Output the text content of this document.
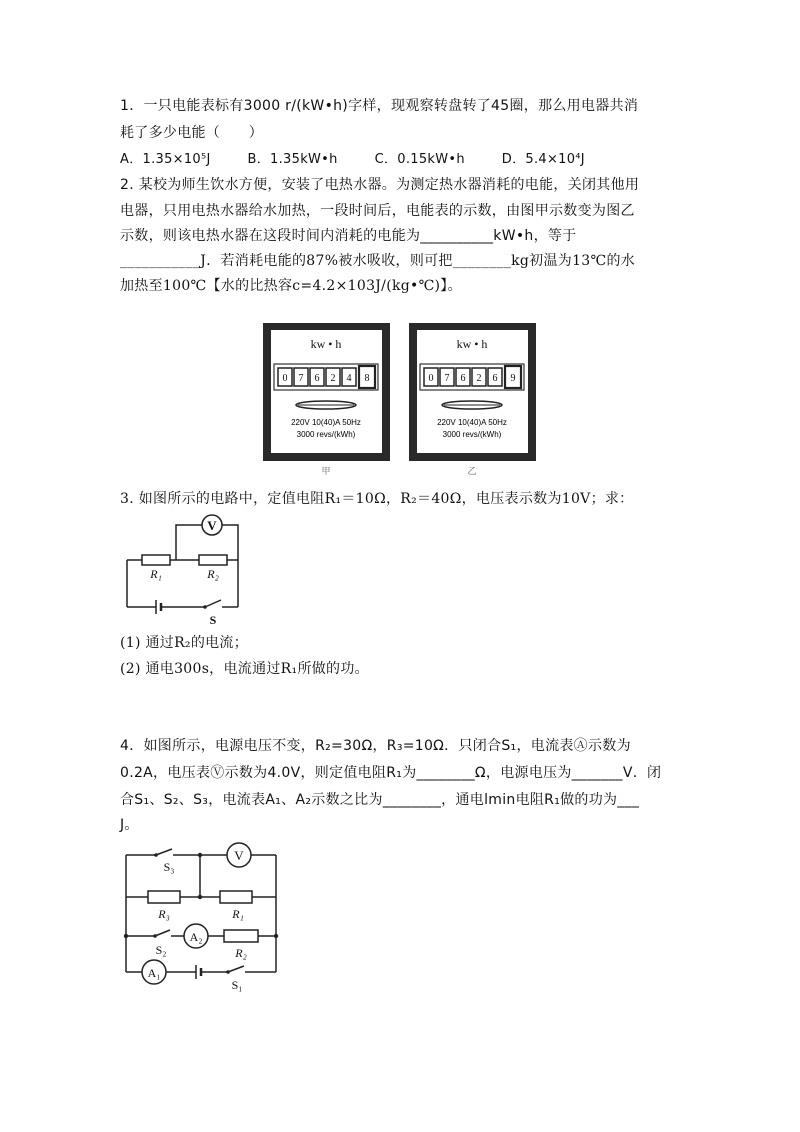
1．一只电能表标有3000 r/(kW•h)字样，现观察转盘转了45圈，那么用电器共消
耗了多少电能（　　）
A．1.35×10⁵J	B．1.35kW•h	C．0.15kW•h	D．5.4×10⁴J
2. 某校为师生饮水方便，安装了电热水器。为测定热水器消耗的电能，关闭其他用
电器，只用电热水器给水加热，一段时间后，电能表的示数，由图甲示数变为图乙
示数，则该电热水器在这段时间内消耗的电能为__________kW•h，等于
___________J．若消耗电能的87%被水吸收，则可把________kg初温为13℃的水
加热至100℃【水的比热容c=4.2×103J/(kg•℃)】。
kw • h
0 7 6 2 4 8
220V 10(40)A 50Hz
3000 revs/(kWh)
甲
kw • h
0 7 6 2 6 9
220V 10(40)A 50Hz
3000 revs/(kWh)
乙
3. 如图所示的电路中，定值电阻R₁＝10Ω，R₂＝40Ω，电压表示数为10V；求：
V
R₁	R₂
S
(1) 通过R₂的电流；
(2) 通电300s，电流通过R₁所做的功。
4．如图所示，电源电压不变，R₂=30Ω，R₃=10Ω．只闭合S₁，电流表Ⓐ示数为
0.2A，电压表Ⓥ示数为4.0V，则定值电阻R₁为________Ω，电源电压为_______V．闭
合S₁、S₂、S₃，电流表A₁、A₂示数之比为________，通电lmin电阻R₁做的功为___
J。
V
S₃
R₃	R₁
A₂
S₂	R₂
A₁
S₁
